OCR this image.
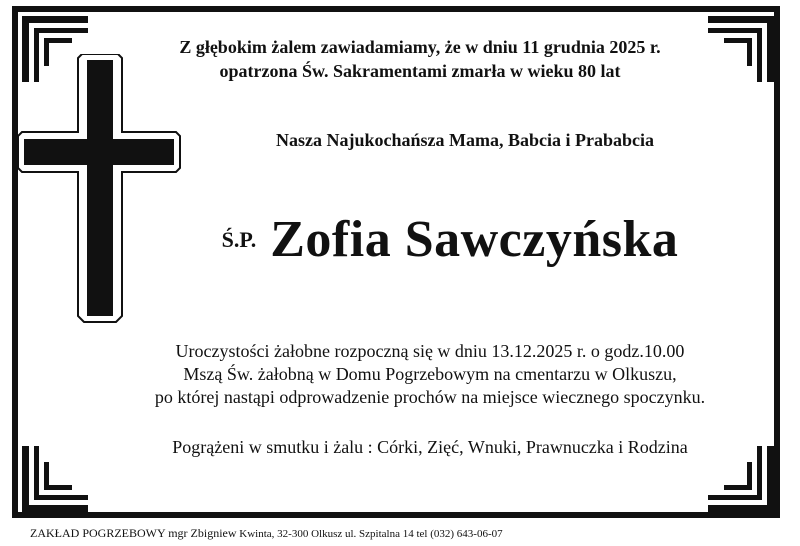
Z głębokim żalem zawiadamiamy, że w dniu 11 grudnia 2025 r.
opatrzona Św. Sakramentami zmarła w wieku 80 lat
Nasza Najukochańsza Mama, Babcia i Prababcia
Ś.P. Zofia Sawczyńska
Uroczystości żałobne rozpoczną się w dniu 13.12.2025 r. o godz.10.00
Mszą Św. żałobną w Domu Pogrzebowym na cmentarzu w Olkuszu,
po której nastąpi odprowadzenie prochów na miejsce wiecznego spoczynku.
Pogrążeni w smutku i żalu : Córki, Zięć, Wnuki, Prawnuczka i Rodzina
ZAKŁAD POGRZEBOWY mgr Zbigniew Kwinta, 32-300 Olkusz ul. Szpitalna 14 tel (032) 643-06-07
